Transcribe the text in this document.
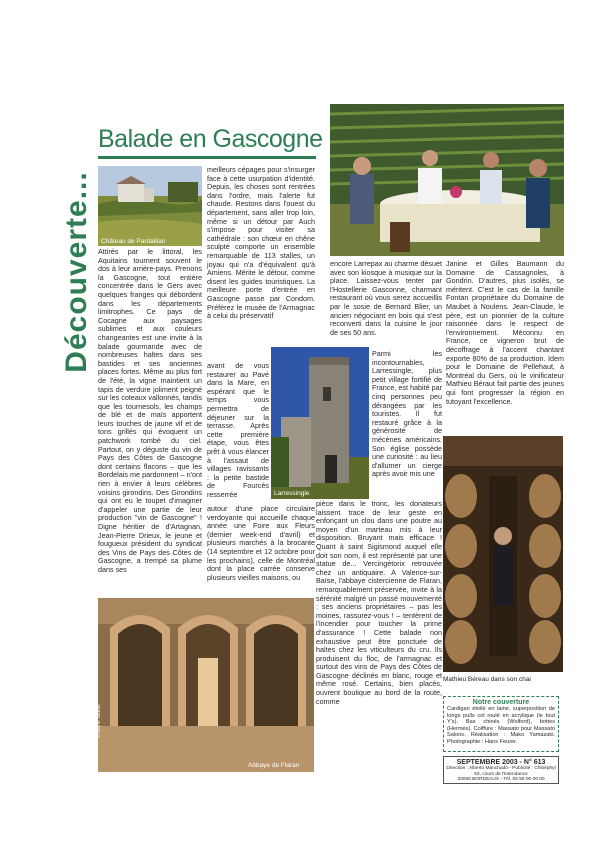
Découverte...
Balade en Gascogne
Château de Pardaillan

Attirés par le littoral, les Aquitains tournent souvent le dos à leur arrière-pays. Prenons la Gascogne, tout entière concentrée dans le Gers avec quelques franges qui débordent dans les départements limitrophes. Ce pays de Cocagne aux paysages sublimes et aux couleurs changeantes est une invite à la balade gourmande avec de nombreuses haltes dans ses bastides et ses anciennes places fortes. Même au plus fort de l'été, la vigne maintient un tapis de verdure joliment peigné sur les coteaux vallonnés, tandis que les tournesols, les champs de blé et de maïs apportent leurs touches de jaune vif et de tons grillés qui évoquent un patchwork tombé du ciel. Partout, on y déguste du vin de Pays des Côtes de Gascogne dont certains flacons – que les Bordelais me pardonnent – n'ont rien à envier à leurs célèbres voisins girondins. Des Girondins qui ont eu le toupet d'imaginer d'appeler une partie de leur production "vin de Gascogne" ! Digne héritier de d'Artagnan, Jean-Pierre Drieux, le jeune et fougueux président du syndicat des Vins de Pays des Côtes de Gascogne, a trempé sa plume dans ses

meilleurs cépages pour s'insurger face à cette usurpation d'identité. Depuis, les choses sont rentrées dans l'ordre, mais l'alerte fut chaude. Restons dans l'ouest du département, sans aller trop loin, même si un détour par Auch s'impose pour visiter sa cathédrale : son chœur en chêne sculpté comporte un ensemble remarquable de 113 stalles, un joyau qui n'a d'équivalent qu'à Amiens. Mérite le détour, comme disent les guides touristiques. La meilleure porte d'entrée en Gascogne passe par Condom. Préférez le musée de l'Armagnac à celui du préservatif

avant de vous restaurer au Pavé dans la Mare, en espérant que le temps vous permettra de déjeuner sur la terrasse. Après cette première étape, vous êtes prêt à vous élancer à l'assaut de villages ravissants : la petite bastide de Fourcès resserrée

autour d'une place circulaire verdoyante qui accueille chaque année une Foire aux Fleurs (dernier week-end d'avril) et plusieurs marchés à la brocante (14 septembre et 12 octobre pour les prochains), celle de Montréal dont la place carrée conserve plusieurs vieilles maisons, ou

encore Larrepax au charme désuet avec son kiosque à musique sur la place. Laissez-vous tenter par l'Hostellerie Gasconne, charmant restaurant où vous serez accueillis par le sosie de Bernard Blier, un ancien négociant en bois qui s'est reconverti dans la cuisine le jour de ses 50 ans.

Larressingle

Parmi les incontournables, Larressingle, plus petit village fortifié de France, est habité par cinq personnes peu dérangées par les touristes. Il fut restauré grâce à la générosité de mécènes américains. Son église possède une curiosité : au lieu d'allumer un cierge après avoir mis une

pièce dans le tronc, les donateurs laissent trace de leur geste en enfonçant un clou dans une poutre au moyen d'un marteau mis à leur disposition. Bruyant mais efficace ! Quant à saint Sigismond auquel elle doit son nom, il est représenté par une statue de... Vercingétorix retrouvée chez un antiquaire. A Valence-sur-Baïse, l'abbaye cistercienne de Flaran, remarquablement préservée, invite à la sérénité malgré un passé mouvementé : ses anciens propriétaires – pas les moines, rassurez-vous ! – tentèrent de l'incendier pour toucher la prime d'assurance ! Cette balade non exhaustive peut être ponctuée de haltes chez les viticulteurs du cru. Ils produisent du floc, de l'armagnac et surtout des vins de Pays des Côtes de Gascogne déclinés en blanc, rouge et même rosé. Certains, bien placés, ouvrent boutique au bord de la route, comme

Janine et Gilles Baumann du Domaine de Cassagnoles, à Gondrin. D'autres, plus isolés, se méritent. C'est le cas de la famille Fontan propriétaire du Domaine de Maubet à Noulens. Jean-Claude, le père, est un pionnier de la culture raisonnée dans le respect de l'environnement. Méconnu en France, ce vigneron brut de décoffrage à l'accent chantant exporte 80% de sa production. Idem pour le Domaine de Pellehaut, à Montréal du Gers, où le vinificateur Mathieu Béraut fait partie des jeunes qui font progresser la région en tutoyant l'excellence.

Abbaye de Flaran
© Mario Taddei
Mathieu Béreau dans son chai
Notre couverture
Cardigan étoilé en laine, superposition de longs pulls col roulé en acrylique (le tout Y's). Bas chinés (Wolford), bottes (Hermès). Coiffure : Massato pour Massato Salons. Réalisation : Mako Yamazaki. Photographie : Hans Feurer.
SEPTEMBRE 2003 - N° 613
Direction : Alberto Manchado - Publicité : Chloéphyl
63, cours de l'Intendance
33000 BORDEAUX - Tél. 05 56 00 00 00
